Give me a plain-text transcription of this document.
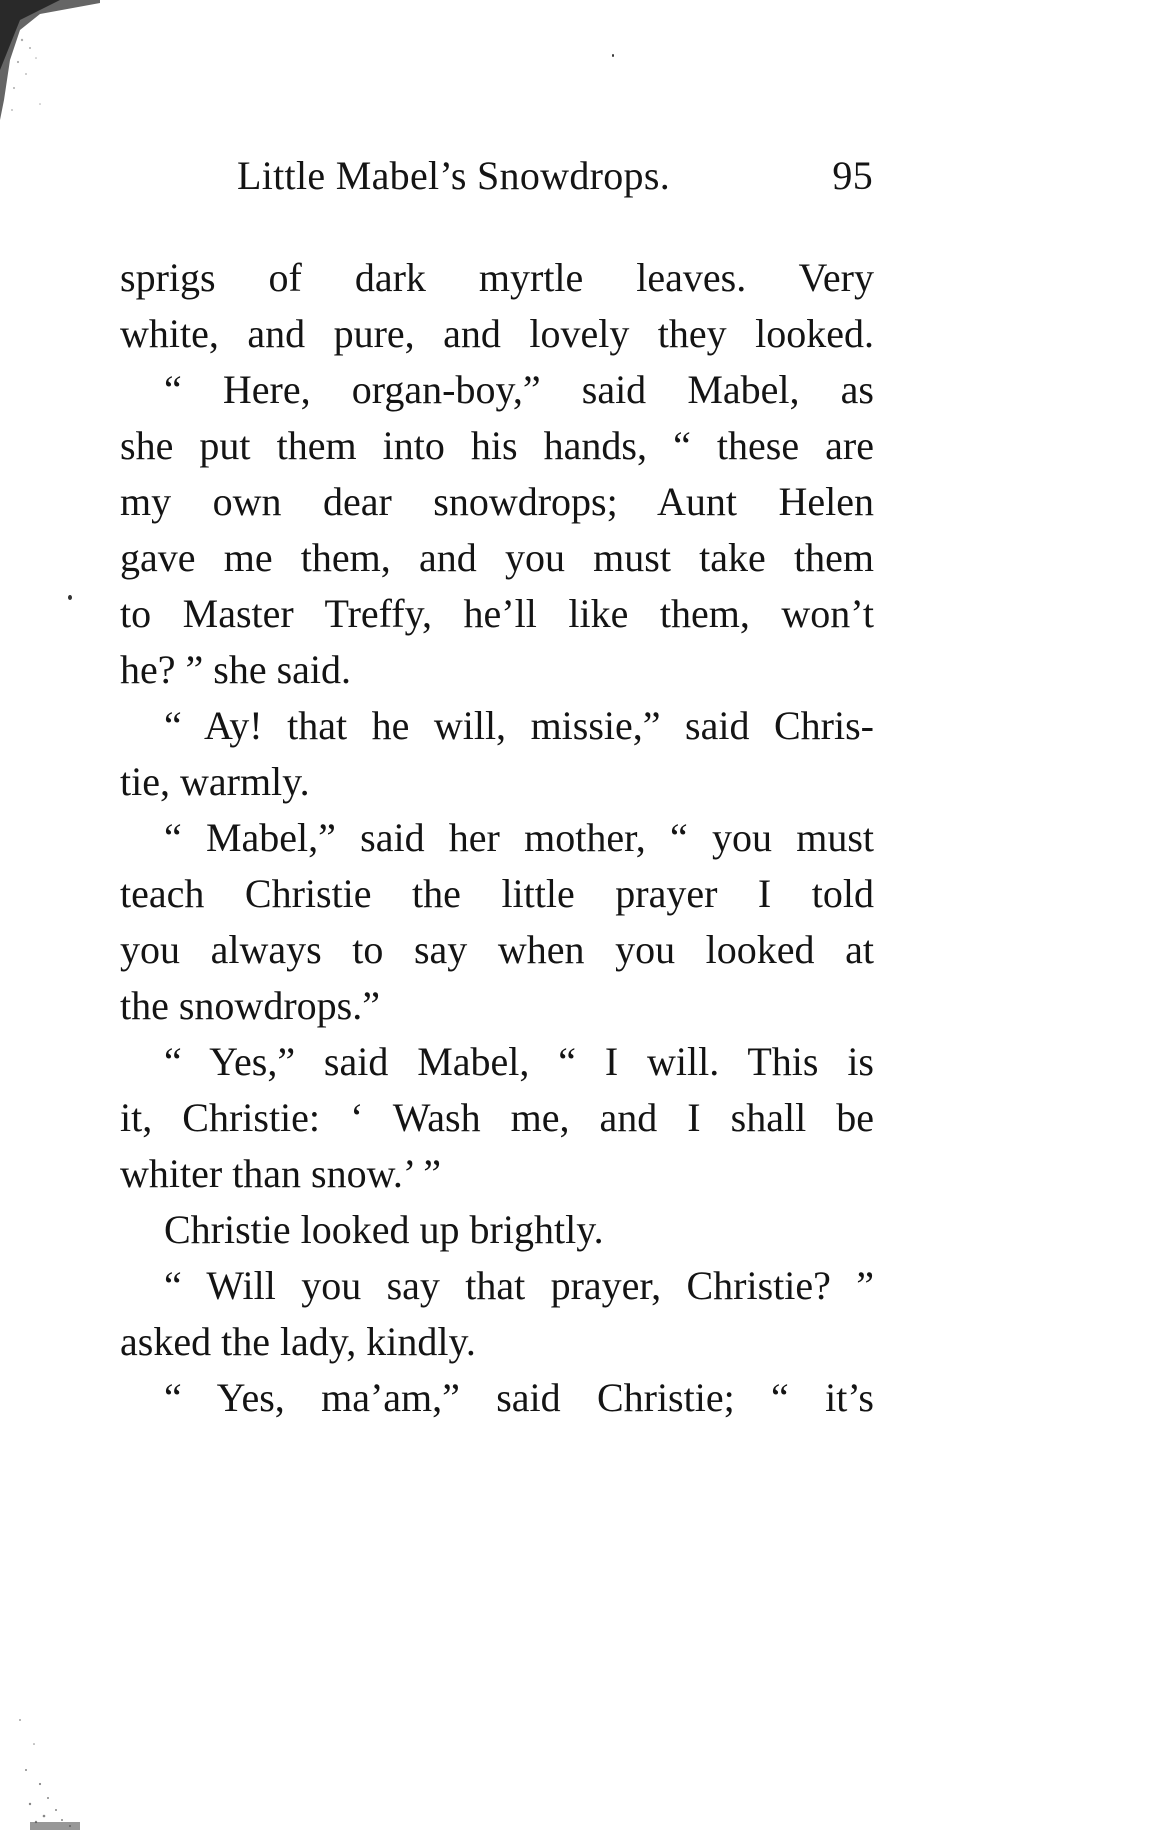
Little Mabel’s Snowdrops.	95
sprigs of dark myrtle leaves. Very
white, and pure, and lovely they looked.
“ Here, organ-boy,” said Mabel, as
she put them into his hands, “ these are
my own dear snowdrops; Aunt Helen
gave me them, and you must take them
to Master Treffy, he’ll like them, won’t
he? ” she said.
“ Ay! that he will, missie,” said Chris-
tie, warmly.
“ Mabel,” said her mother, “ you must
teach Christie the little prayer I told
you always to say when you looked at
the snowdrops.”
“ Yes,” said Mabel, “ I will. This is
it, Christie: ‘ Wash me, and I shall be
whiter than snow.’ ”
Christie looked up brightly.
“ Will you say that prayer, Christie? ”
asked the lady, kindly.
“ Yes, ma’am,” said Christie; “ it’s
